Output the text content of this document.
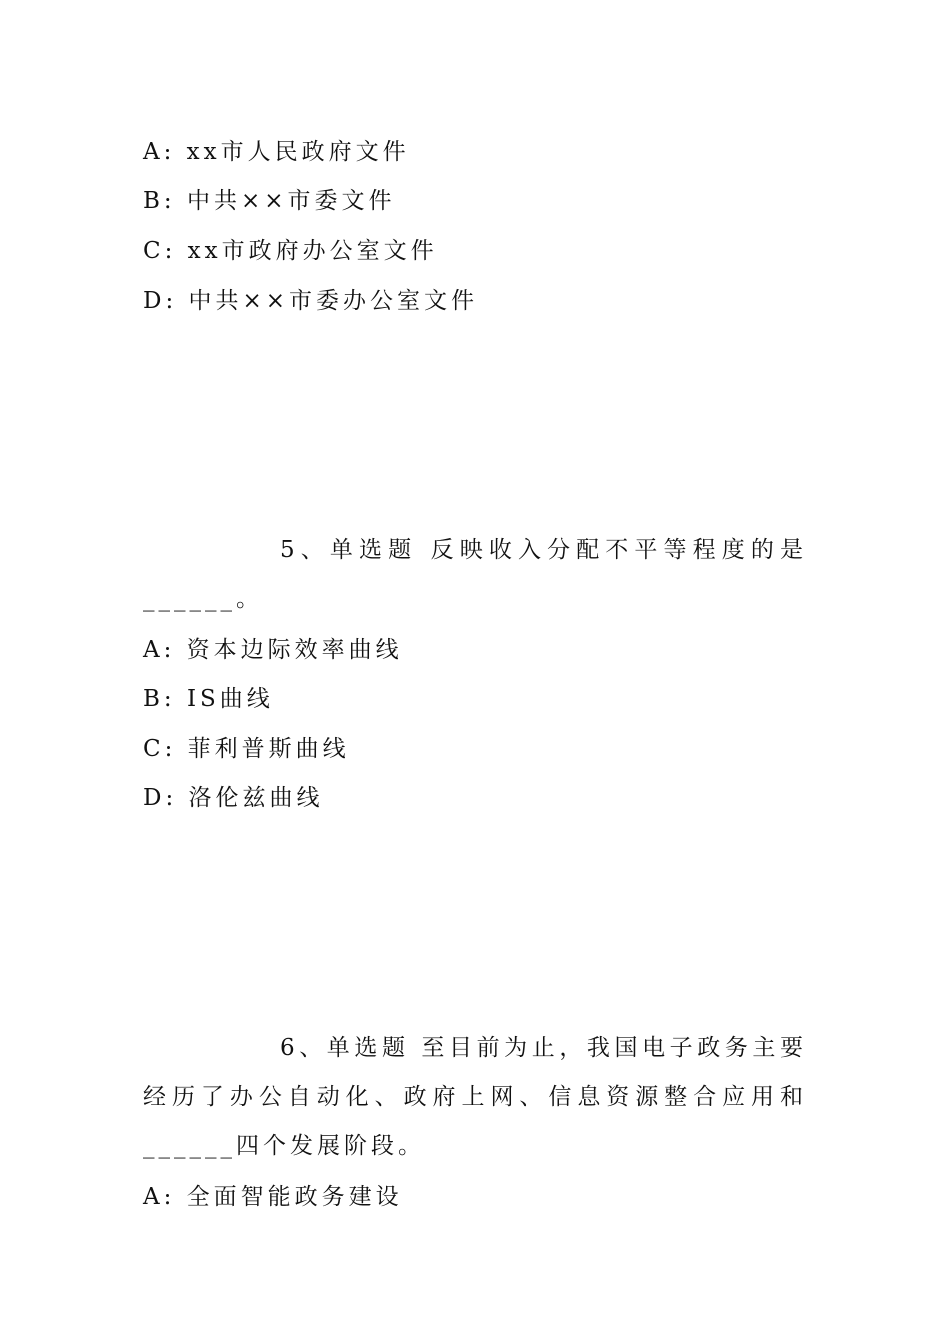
A: xx市人民政府文件
B: 中共××市委文件
C: xx市政府办公室文件
D: 中共××市委办公室文件
5、单选题 反映收入分配不平等程度的是______。
A: 资本边际效率曲线
B: IS曲线
C: 菲利普斯曲线
D: 洛伦兹曲线
6、单选题 至目前为止，我国电子政务主要经历了办公自动化、政府上网、信息资源整合应用和______四个发展阶段。
A: 全面智能政务建设
